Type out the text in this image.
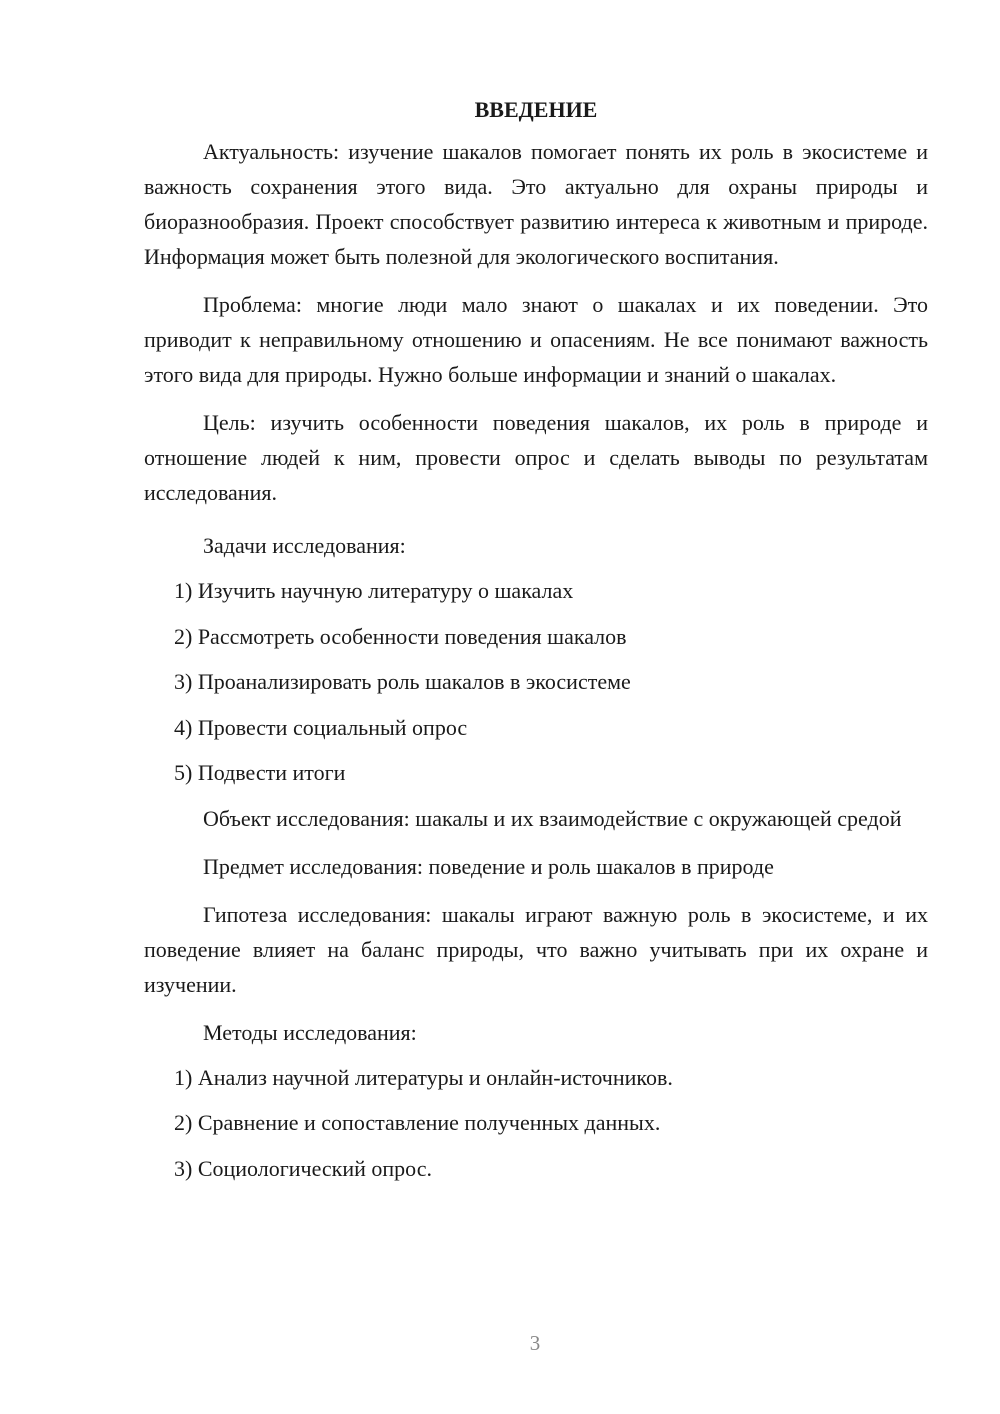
ВВЕДЕНИЕ

Актуальность: изучение шакалов помогает понять их роль в экосистеме и важность сохранения этого вида. Это актуально для охраны природы и биоразнообразия. Проект способствует развитию интереса к животным и природе. Информация может быть полезной для экологического воспитания.

Проблема: многие люди мало знают о шакалах и их поведении. Это приводит к неправильному отношению и опасениям. Не все понимают важность этого вида для природы. Нужно больше информации и знаний о шакалах.

Цель: изучить особенности поведения шакалов, их роль в природе и отношение людей к ним, провести опрос и сделать выводы по результатам исследования.

Задачи исследования:

1) Изучить научную литературу о шакалах

2) Рассмотреть особенности поведения шакалов

3) Проанализировать роль шакалов в экосистеме

4) Провести социальный опрос

5) Подвести итоги

Объект исследования: шакалы и их взаимодействие с окружающей средой

Предмет исследования: поведение и роль шакалов в природе

Гипотеза исследования: шакалы играют важную роль в экосистеме, и их поведение влияет на баланс природы, что важно учитывать при их охране и изучении.

Методы исследования:

1) Анализ научной литературы и онлайн-источников.

2) Сравнение и сопоставление полученных данных.

3) Социологический опрос.

3
